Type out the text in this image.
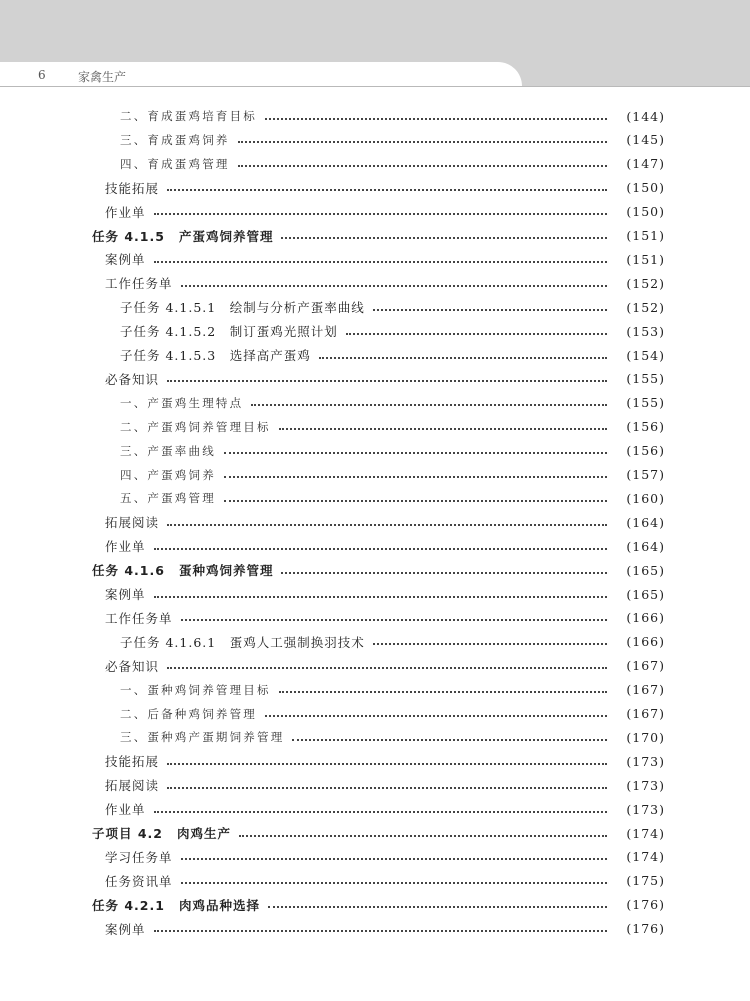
6	家禽生产
二、育成蛋鸡培育目标	(144)
三、育成蛋鸡饲养	(145)
四、育成蛋鸡管理	(147)
技能拓展	(150)
作业单	(150)
任务 4.1.5 产蛋鸡饲养管理	(151)
案例单	(151)
工作任务单	(152)
子任务 4.1.5.1　绘制与分析产蛋率曲线	(152)
子任务 4.1.5.2　制订蛋鸡光照计划	(153)
子任务 4.1.5.3　选择高产蛋鸡	(154)
必备知识	(155)
一、产蛋鸡生理特点	(155)
二、产蛋鸡饲养管理目标	(156)
三、产蛋率曲线	(156)
四、产蛋鸡饲养	(157)
五、产蛋鸡管理	(160)
拓展阅读	(164)
作业单	(164)
任务 4.1.6 蛋种鸡饲养管理	(165)
案例单	(165)
工作任务单	(166)
子任务 4.1.6.1　蛋鸡人工强制换羽技术	(166)
必备知识	(167)
一、蛋种鸡饲养管理目标	(167)
二、后备种鸡饲养管理	(167)
三、蛋种鸡产蛋期饲养管理	(170)
技能拓展	(173)
拓展阅读	(173)
作业单	(173)
子项目 4.2 肉鸡生产	(174)
学习任务单	(174)
任务资讯单	(175)
任务 4.2.1 肉鸡品种选择	(176)
案例单	(176)
